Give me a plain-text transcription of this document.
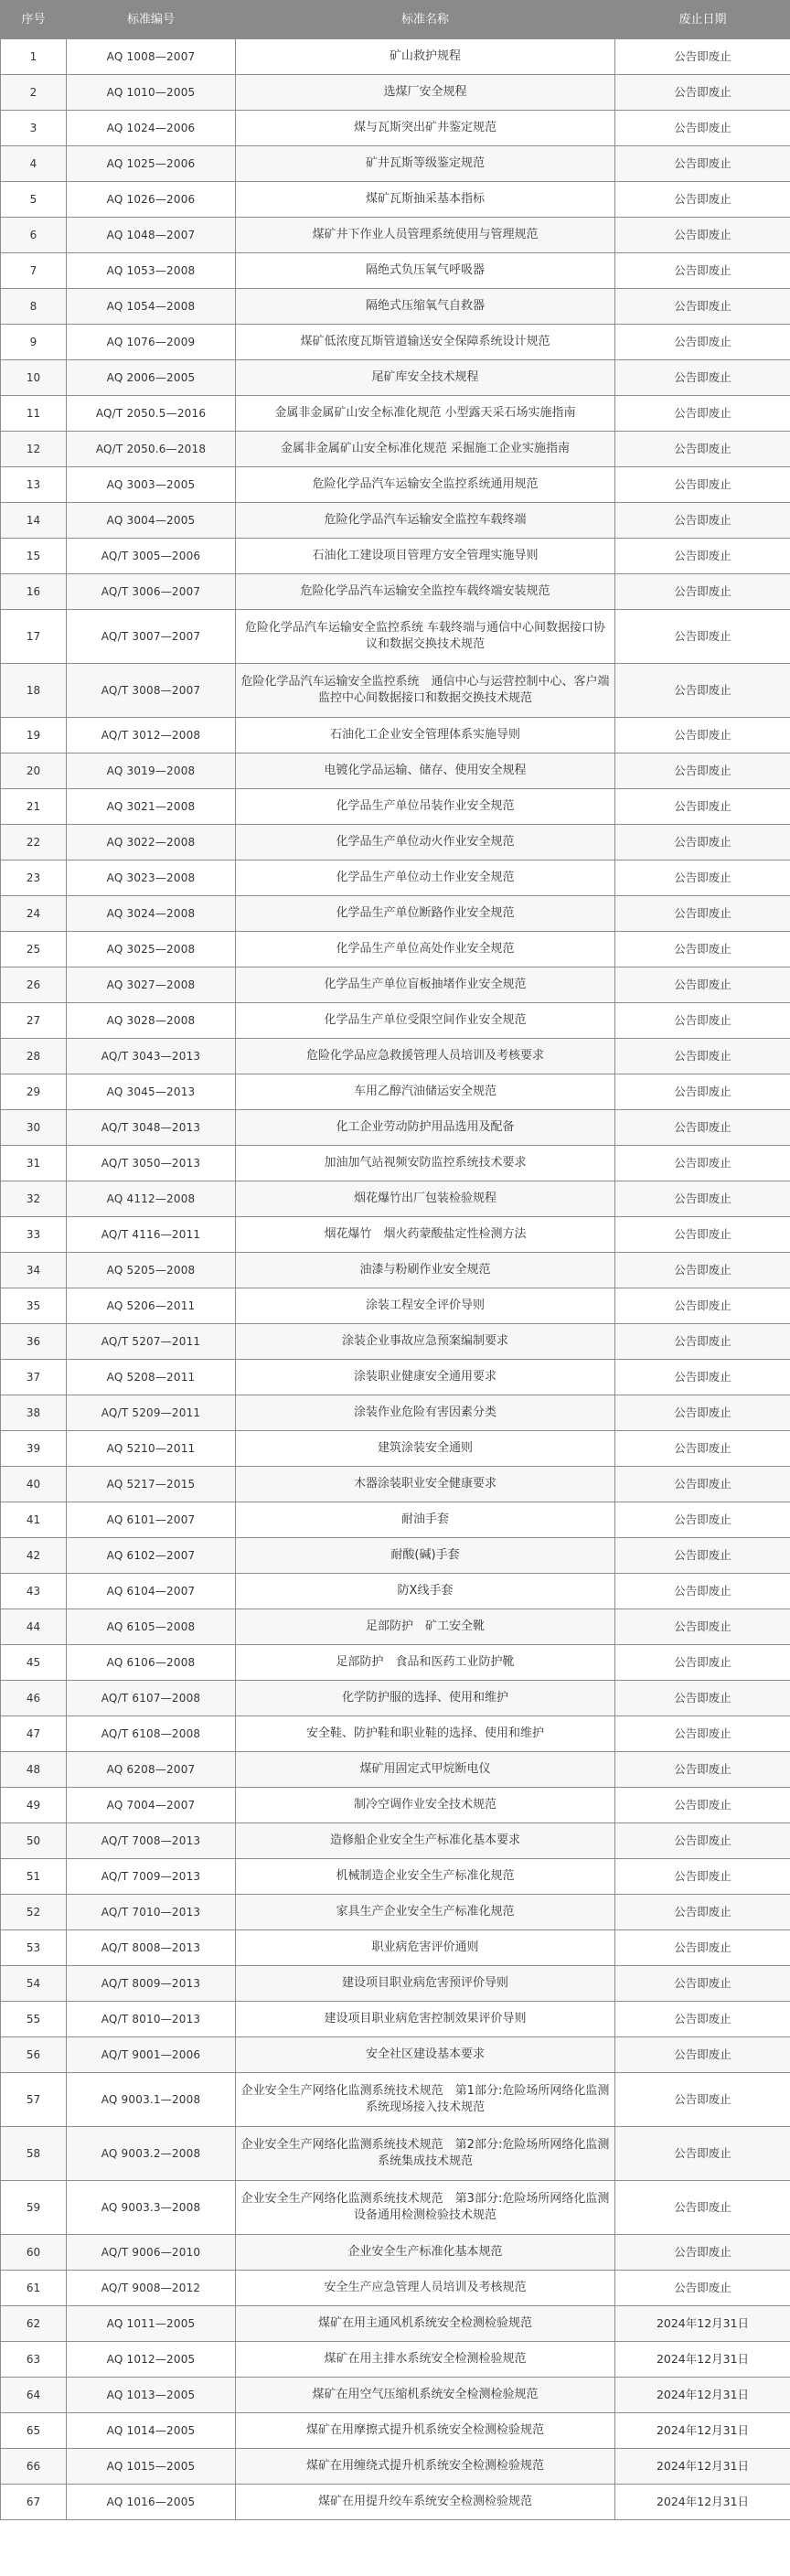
序号	标准编号	标准名称	废止日期
1	AQ 1008—2007	矿山救护规程	公告即废止
2	AQ 1010—2005	选煤厂安全规程	公告即废止
3	AQ 1024—2006	煤与瓦斯突出矿井鉴定规范	公告即废止
4	AQ 1025—2006	矿井瓦斯等级鉴定规范	公告即废止
5	AQ 1026—2006	煤矿瓦斯抽采基本指标	公告即废止
6	AQ 1048—2007	煤矿井下作业人员管理系统使用与管理规范	公告即废止
7	AQ 1053—2008	隔绝式负压氧气呼吸器	公告即废止
8	AQ 1054—2008	隔绝式压缩氧气自救器	公告即废止
9	AQ 1076—2009	煤矿低浓度瓦斯管道输送安全保障系统设计规范	公告即废止
10	AQ 2006—2005	尾矿库安全技术规程	公告即废止
11	AQ/T 2050.5—2016	金属非金属矿山安全标准化规范 小型露天采石场实施指南	公告即废止
12	AQ/T 2050.6—2018	金属非金属矿山安全标准化规范 采掘施工企业实施指南	公告即废止
13	AQ 3003—2005	危险化学品汽车运输安全监控系统通用规范	公告即废止
14	AQ 3004—2005	危险化学品汽车运输安全监控车载终端	公告即废止
15	AQ/T 3005—2006	石油化工建设项目管理方安全管理实施导则	公告即废止
16	AQ/T 3006—2007	危险化学品汽车运输安全监控车载终端安装规范	公告即废止
17	AQ/T 3007—2007	危险化学品汽车运输安全监控系统 车载终端与通信中心间数据接口协议和数据交换技术规范	公告即废止
18	AQ/T 3008—2007	危险化学品汽车运输安全监控系统　通信中心与运营控制中心、客户端监控中心间数据接口和数据交换技术规范	公告即废止
19	AQ/T 3012—2008	石油化工企业安全管理体系实施导则	公告即废止
20	AQ 3019—2008	电镀化学品运输、储存、使用安全规程	公告即废止
21	AQ 3021—2008	化学品生产单位吊装作业安全规范	公告即废止
22	AQ 3022—2008	化学品生产单位动火作业安全规范	公告即废止
23	AQ 3023—2008	化学品生产单位动土作业安全规范	公告即废止
24	AQ 3024—2008	化学品生产单位断路作业安全规范	公告即废止
25	AQ 3025—2008	化学品生产单位高处作业安全规范	公告即废止
26	AQ 3027—2008	化学品生产单位盲板抽堵作业安全规范	公告即废止
27	AQ 3028—2008	化学品生产单位受限空间作业安全规范	公告即废止
28	AQ/T 3043—2013	危险化学品应急救援管理人员培训及考核要求	公告即废止
29	AQ 3045—2013	车用乙醇汽油储运安全规范	公告即废止
30	AQ/T 3048—2013	化工企业劳动防护用品选用及配备	公告即废止
31	AQ/T 3050—2013	加油加气站视频安防监控系统技术要求	公告即废止
32	AQ 4112—2008	烟花爆竹出厂包装检验规程	公告即废止
33	AQ/T 4116—2011	烟花爆竹　烟火药蒙酸盐定性检测方法	公告即废止
34	AQ 5205—2008	油漆与粉刷作业安全规范	公告即废止
35	AQ 5206—2011	涂装工程安全评价导则	公告即废止
36	AQ/T 5207—2011	涂装企业事故应急预案编制要求	公告即废止
37	AQ 5208—2011	涂装职业健康安全通用要求	公告即废止
38	AQ/T 5209—2011	涂装作业危险有害因素分类	公告即废止
39	AQ 5210—2011	建筑涂装安全通则	公告即废止
40	AQ 5217—2015	木器涂装职业安全健康要求	公告即废止
41	AQ 6101—2007	耐油手套	公告即废止
42	AQ 6102—2007	耐酸(碱)手套	公告即废止
43	AQ 6104—2007	防X线手套	公告即废止
44	AQ 6105—2008	足部防护　矿工安全靴	公告即废止
45	AQ 6106—2008	足部防护　食品和医药工业防护靴	公告即废止
46	AQ/T 6107—2008	化学防护服的选择、使用和维护	公告即废止
47	AQ/T 6108—2008	安全鞋、防护鞋和职业鞋的选择、使用和维护	公告即废止
48	AQ 6208—2007	煤矿用固定式甲烷断电仪	公告即废止
49	AQ 7004—2007	制冷空调作业安全技术规范	公告即废止
50	AQ/T 7008—2013	造修船企业安全生产标准化基本要求	公告即废止
51	AQ/T 7009—2013	机械制造企业安全生产标准化规范	公告即废止
52	AQ/T 7010—2013	家具生产企业安全生产标准化规范	公告即废止
53	AQ/T 8008—2013	职业病危害评价通则	公告即废止
54	AQ/T 8009—2013	建设项目职业病危害预评价导则	公告即废止
55	AQ/T 8010—2013	建设项目职业病危害控制效果评价导则	公告即废止
56	AQ/T 9001—2006	安全社区建设基本要求	公告即废止
57	AQ 9003.1—2008	企业安全生产网络化监测系统技术规范　第1部分:危险场所网络化监测系统现场接入技术规范	公告即废止
58	AQ 9003.2—2008	企业安全生产网络化监测系统技术规范　第2部分:危险场所网络化监测系统集成技术规范	公告即废止
59	AQ 9003.3—2008	企业安全生产网络化监测系统技术规范　第3部分:危险场所网络化监测设备通用检测检验技术规范	公告即废止
60	AQ/T 9006—2010	企业安全生产标准化基本规范	公告即废止
61	AQ/T 9008—2012	安全生产应急管理人员培训及考核规范	公告即废止
62	AQ 1011—2005	煤矿在用主通风机系统安全检测检验规范	2024年12月31日
63	AQ 1012—2005	煤矿在用主排水系统安全检测检验规范	2024年12月31日
64	AQ 1013—2005	煤矿在用空气压缩机系统安全检测检验规范	2024年12月31日
65	AQ 1014—2005	煤矿在用摩擦式提升机系统安全检测检验规范	2024年12月31日
66	AQ 1015—2005	煤矿在用缠绕式提升机系统安全检测检验规范	2024年12月31日
67	AQ 1016—2005	煤矿在用提升绞车系统安全检测检验规范	2024年12月31日
